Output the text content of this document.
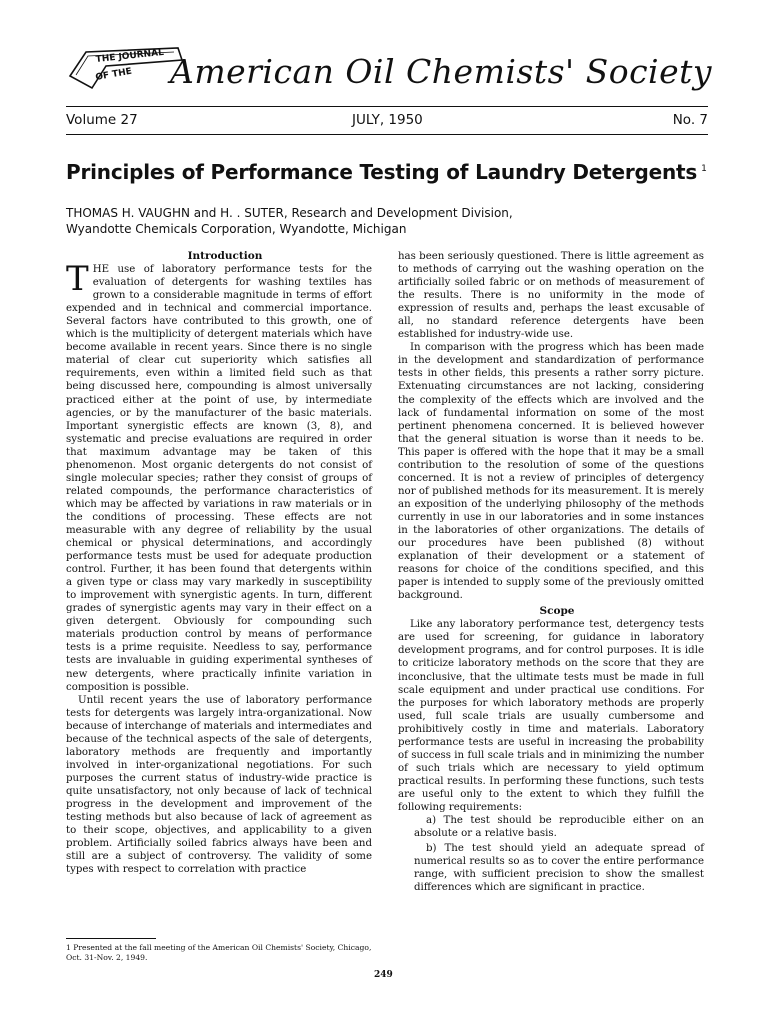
THE JOURNAL
OF THE American Oil Chemists' Society
Volume 27	JULY, 1950	No. 7
Principles of Performance Testing of Laundry Detergents $^1$
THOMAS H. VAUGHN and H. . SUTER, Research and Development Division,
Wyandotte Chemicals Corporation, Wyandotte, Michigan

Introduction

THE use of laboratory performance tests for the evaluation of detergents for washing textiles has grown to a considerable magnitude in terms of effort expended and in technical and commercial importance. Several factors have contributed to this growth, one of which is the multiplicity of detergent materials which have become available in recent years. Since there is no single material of clear cut superiority which satisfies all requirements, even within a limited field such as that being discussed here, compounding is almost universally practiced either at the point of use, by intermediate agencies, or by the manufacturer of the basic materials. Important synergistic effects are known (3, 8), and systematic and precise evaluations are required in order that maximum advantage may be taken of this phenomenon. Most organic detergents do not consist of single molecular species; rather they consist of groups of related compounds, the performance characteristics of which may be affected by variations in raw materials or in the conditions of processing. These effects are not measurable with any degree of reliability by the usual chemical or physical determinations, and accordingly performance tests must be used for adequate production control. Further, it has been found that detergents within a given type or class may vary markedly in susceptibility to improvement with synergistic agents. In turn, different grades of synergistic agents may vary in their effect on a given detergent. Obviously for compounding such materials production control by means of performance tests is a prime requisite. Needless to say, performance tests are invaluable in guiding experimental syntheses of new detergents, where practically infinite variation in composition is possible.

Until recent years the use of laboratory performance tests for detergents was largely intra-organizational. Now because of interchange of materials and intermediates and because of the technical aspects of the sale of detergents, laboratory methods are frequently and importantly involved in inter-organizational negotiations. For such purposes the current status of industry-wide practice is quite unsatisfactory, not only because of lack of technical progress in the development and improvement of the testing methods but also because of lack of agreement as to their scope, objectives, and applicability to a given problem. Artificially soiled fabrics always have been and still are a subject of controversy. The validity of some types with respect to correlation with practice

has been seriously questioned. There is little agreement as to methods of carrying out the washing operation on the artificially soiled fabric or on methods of measurement of the results. There is no uniformity in the mode of expression of results and, perhaps the least excusable of all, no standard reference detergents have been established for industry-wide use.

In comparison with the progress which has been made in the development and standardization of performance tests in other fields, this presents a rather sorry picture. Extenuating circumstances are not lacking, considering the complexity of the effects which are involved and the lack of fundamental information on some of the most pertinent phenomena concerned. It is believed however that the general situation is worse than it needs to be. This paper is offered with the hope that it may be a small contribution to the resolution of some of the questions concerned. It is not a review of principles of detergency nor of published methods for its measurement. It is merely an exposition of the underlying philosophy of the methods currently in use in our laboratories and in some instances in the laboratories of other organizations. The details of our procedures have been published (8) without explanation of their development or a statement of reasons for choice of the conditions specified, and this paper is intended to supply some of the previously omitted background.

Scope

Like any laboratory performance test, detergency tests are used for screening, for guidance in laboratory development programs, and for control purposes. It is idle to criticize laboratory methods on the score that they are inconclusive, that the ultimate tests must be made in full scale equipment and under practical use conditions. For the purposes for which laboratory methods are properly used, full scale trials are usually cumbersome and prohibitively costly in time and materials. Laboratory performance tests are useful in increasing the probability of success in full scale trials and in minimizing the number of such trials which are necessary to yield optimum practical results. In performing these functions, such tests are useful only to the extent to which they fulfill the following requirements:

a) The test should be reproducible either on an absolute or a relative basis.

b) The test should yield an adequate spread of numerical results so as to cover the entire performance range, with sufficient precision to show the smallest differences which are significant in practice.

1 Presented at the fall meeting of the American Oil Chemists' Society, Chicago, Oct. 31-Nov. 2, 1949.
249
